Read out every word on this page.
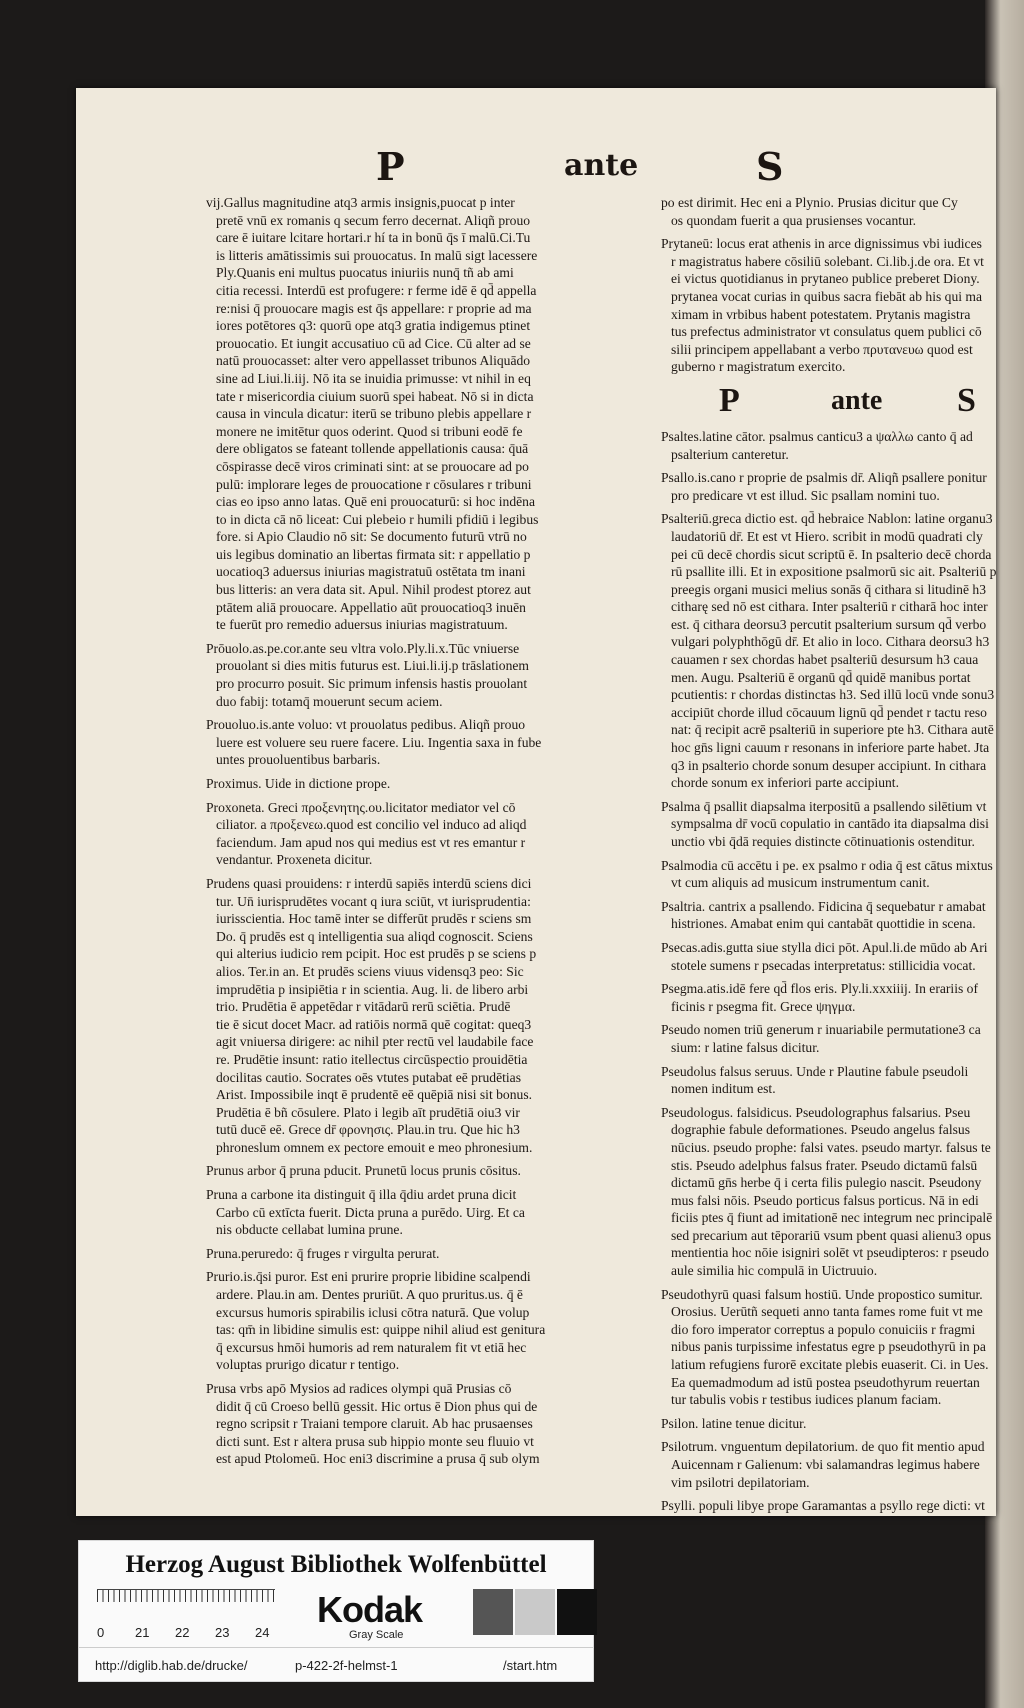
P	ante	S
vij.Gallus magnitudine atq3 armis insignis,puocat p inter
pretē vnū ex romanis q secum ferro decernat. Aliqñ prouo
care ē iuitare lcitare hortari.r hí ta in bonū q̄s ī malū.Ci.Tu
is litteris amātissimis sui prouocatus. In malū sigt lacessere
Ply.Quanis eni multus puocatus iniuriis nunq̄ tñ ab ami
citia recessi. Interdū est profugere: r ferme idē ē qd̄ appella
re:nisi q̄ prouocare magis est q̄s appellare: r proprie ad ma
iores potētores q3: quorū ope atq3 gratia indigemus ptinet
prouocatio. Et iungit accusatiuo cū ad Cice. Cū alter ad se
natū prouocasset: alter vero appellasset tribunos Aliquādo
sine ad Liui.li.iij. Nō ita se inuidia primusse: vt nihil in eq
tate r misericordia ciuium suorū spei habeat. Nō si in dicta
causa in vincula dicatur: iterū se tribuno plebis appellare r
monere ne imitētur quos oderint. Quod si tribuni eodē fe
dere obligatos se fateant tollende appellationis causa: q̄uā
cōspirasse decē viros criminati sint: at se prouocare ad po
pulū: implorare leges de prouocatione r cōsulares r tribuni
cias eo ipso anno latas. Quē eni prouocaturū: si hoc indēna
to in dicta cā nō liceat: Cui plebeio r humili pfidiū i legibus
fore. si Apio Claudio nō sit: Se documento futurū vtrū no
uis legibus dominatio an libertas firmata sit: r appellatio p
uocatioq3 aduersus iniurias magistratuū ostētata tm inani
bus litteris: an vera data sit. Apul. Nihil prodest ptorez aut
ptātem aliā prouocare. Appellatio aūt prouocatioq3 inuēn
te fuerūt pro remedio aduersus iniurias magistratuum.
Prōuolo.as.pe.cor.ante seu vltra volo.Ply.li.x.Tūc vniuerse
prouolant si dies mitis futurus est. Liui.li.ij.p trāslationem
pro procurro posuit. Sic primum infensis hastis prouolant
duo fabij: totamq̄ mouerunt secum aciem.
Prouoluo.is.ante voluo: vt prouolatus pedibus. Aliqñ prouo
luere est voluere seu ruere facere. Liu. Ingentia saxa in fube
untes prouoluentibus barbaris.
Proximus. Uide in dictione prope.
Proxoneta. Greci προξενητης.ου.licitator mediator vel cō
ciliator. a προξενεω.quod est concilio vel induco ad aliqd
faciendum. Jam apud nos qui medius est vt res emantur r
vendantur. Proxeneta dicitur.
Prudens quasi prouidens: r interdū sapiēs interdū sciens dici
tur. Un̄ iurisprudētes vocant q iura sciūt, vt iurisprudentia:
iurisscientia. Hoc tamē inter se differūt prudēs r sciens sm
Do. q̄ prudēs est q intelligentia sua aliqd cognoscit. Sciens
qui alterius iudicio rem pcipit. Hoc est prudēs p se sciens p
alios. Ter.in an. Et prudēs sciens viuus vidensq3 peo: Sic
imprudētia p insipiētia r in scientia. Aug. li. de libero arbi
trio. Prudētia ē appetēdar r vitādarū rerū sciētia. Prudē
tie ē sicut docet Macr. ad ratiōis normā quē cogitat: queq3
agit vniuersa dirigere: ac nihil pter rectū vel laudabile face
re. Prudētie insunt: ratio itellectus circūspectio prouidētia
docilitas cautio. Socrates oēs vtutes putabat eē prudētias
Arist. Impossibile inqt ē prudentē eē quēpiā nisi sit bonus.
Prudētia ē bñ cōsulere. Plato i legib aīt prudētiā oiu3 vir
tutū ducē eē. Grece dr̄ φρονησις. Plau.in tru. Que hic h3
phroneslum omnem ex pectore emouit e meo phronesium.
Prunus arbor q̄ pruna pducit. Prunetū locus prunis cōsitus.
Pruna a carbone ita distinguit q̄ illa q̄diu ardet pruna dicit
Carbo cū extīcta fuerit. Dicta pruna a purēdo. Uirg. Et ca
nis obducte cellabat lumina prune.
Pruna.peruredo: q̄ fruges r virgulta perurat.
Prurio.is.q̄si puror. Est eni prurire proprie libidine scalpendi
ardere. Plau.in am. Dentes pruriūt. A quo pruritus.us. q̄ ē
excursus humoris spirabilis iclusi cōtra naturā. Que volup
tas: qm̄ in libidine simulis est: quippe nihil aliud est genitura
q̄ excursus hmōi humoris ad rem naturalem fit vt etiā hec
voluptas prurigo dicatur r tentigo.
Prusa vrbs apō Mysios ad radices olympi quā Prusias cō
didit q̄ cū Croeso bellū gessit. Hic ortus ē Dion phus qui de
regno scripsit r Traiani tempore claruit. Ab hac prusaenses
dicti sunt. Est r altera prusa sub hippio monte seu fluuio vt
est apud Ptolomeū. Hoc eni3 discrimine a prusa q̄ sub olym
po est dirimit. Hec eni a Plynio. Prusias dicitur que Cy
os quondam fuerit a qua prusienses vocantur.
Prytaneū: locus erat athenis in arce dignissimus vbi iudices
r magistratus habere cōsiliū solebant. Ci.lib.j.de ora. Et vt
ei victus quotidianus in prytaneo publice preberet Diony.
prytanea vocat curias in quibus sacra fiebāt ab his qui ma
ximam in vrbibus habent potestatem. Prytanis magistra
tus prefectus administrator vt consulatus quem publici cō
silii principem appellabant a verbo πρυτανευω quod est
guberno r magistratum exercito.
P	ante S
Psaltes.latine cātor. psalmus canticu3 a ψαλλω canto q̄ ad
psalterium canteretur.
Psallo.is.cano r proprie de psalmis dr̄. Aliqñ psallere ponitur
pro predicare vt est illud. Sic psallam nomini tuo.
Psalteriū.greca dictio est. qd̄ hebraice Nablon: latine organu3
laudatoriū dr̄. Et est vt Hiero. scribit in modū quadrati cly
pei cū decē chordis sicut scriptū ē. In psalterio decē chorda
rū psallite illi. Et in expositione psalmorū sic ait. Psalteriū p
preegis organi musici melius sonās q̄ cithara si litudinē h3
citharę sed nō est cithara. Inter psalteriū r citharā hoc inter
est. q̄ cithara deorsu3 percutit psalterium sursum qd̄ verbo
vulgari polyphthōgū dr̄. Et alio in loco. Cithara deorsu3 h3
cauamen r sex chordas habet psalteriū desursum h3 caua
men. Augu. Psalteriū ē organū qd̄ quidē manibus portat
pcutientis: r chordas distinctas h3. Sed illū locū vnde sonu3
accipiūt chorde illud cōcauum lignū qd̄ pendet r tactu reso
nat: q̄ recipit acrē psalteriū in superiore pte h3. Cithara autē
hoc gn̄s ligni cauum r resonans in inferiore parte habet. Jta
q3 in psalterio chorde sonum desuper accipiunt. In cithara
chorde sonum ex inferiori parte accipiunt.
Psalma q̄ psallit diapsalma iterpositū a psallendo silētium vt
sympsalma dr̄ vocū copulatio in cantādo ita diapsalma disi
unctio vbi q̄dā requies distincte cōtinuationis ostenditur.
Psalmodia cū accētu i pe. ex psalmo r odia q̄ est cātus mixtus
vt cum aliquis ad musicum instrumentum canit.
Psaltria. cantrix a psallendo. Fidicina q̄ sequebatur r amabat
histriones. Amabat enim qui cantabāt quottidie in scena.
Psecas.adis.gutta siue stylla dici pōt. Apul.li.de mūdo ab Ari
stotele sumens r psecadas interpretatus: stillicidia vocat.
Psegma.atis.idē fere qd̄ flos eris. Ply.li.xxxiiij. In erariis of
ficinis r psegma fit. Grece ψηγμα.
Pseudo nomen triū generum r inuariabile permutatione3 ca
sium: r latine falsus dicitur.
Pseudolus falsus seruus. Unde r Plautine fabule pseudoli
nomen inditum est.
Pseudologus. falsidicus. Pseudolographus falsarius. Pseu
dographie fabule deformationes. Pseudo angelus falsus
nūcius. pseudo prophe: falsi vates. pseudo martyr. falsus te
stis. Pseudo adelphus falsus frater. Pseudo dictamū falsū
dictamū gn̄s herbe q̄ i certa filis pulegio nascit. Pseudony
mus falsi nōis. Pseudo porticus falsus porticus. Nā in edi
ficiis ptes q̄ fiunt ad imitationē nec integrum nec principalē
sed precarium aut tēporariū vsum pbent quasi alienu3 opus
mentientia hoc nōie isigniri solēt vt pseudipteros: r pseudo
aule similia hic compulā in Uictruuio.
Pseudothyrū quasi falsum hostiū. Unde propostico sumitur.
Orosius. Uerūtñ sequeti anno tanta fames rome fuit vt me
dio foro imperator correptus a populo conuiciis r fragmi
nibus panis turpissime infestatus egre p pseudothyrū in pa
latium refugiens furorē excitate plebis euaserit. Ci. in Ues.
Ea quemadmodum ad istū postea pseudothyrum reuertan
tur tabulis vobis r testibus iudices planum faciam.
Psilon. latine tenue dicitur.
Psilotrum. vnguentum depilatorium. de quo fit mentio apud
Auicennam r Galienum: vbi salamandras legimus habere
vim psilotri depilatoriam.
Psylli. populi libye prope Garamantas a psyllo rege dicti: vt
Herzog August Bibliothek Wolfenbüttel
0 21 22 23 24
Kodak
Gray Scale
http://diglib.hab.de/drucke/	p-422-2f-helmst-1	/start.htm
